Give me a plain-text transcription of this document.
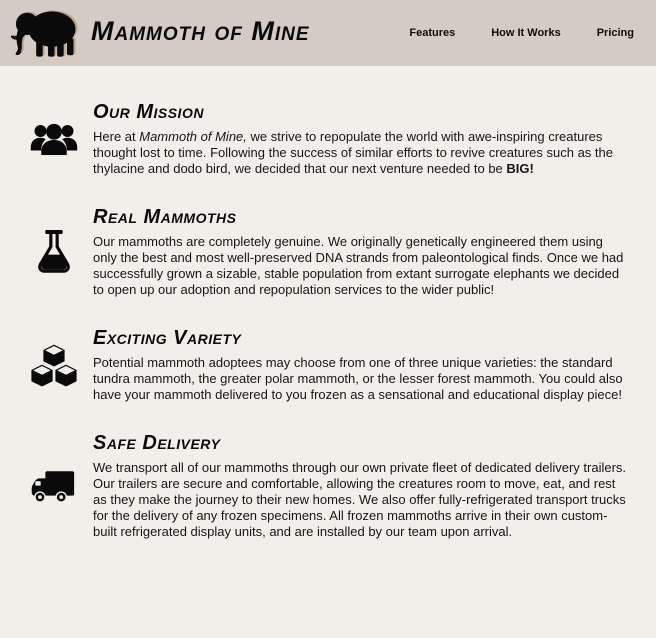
Mammoth of Mine	Features	How It Works	Pricing
Our Mission

Here at Mammoth of Mine, we strive to repopulate the world with awe-inspiring creatures thought lost to time. Following the success of similar efforts to revive creatures such as the thylacine and dodo bird, we decided that our next venture needed to be BIG!

Real Mammoths

Our mammoths are completely genuine. We originally genetically engineered them using only the best and most well-preserved DNA strands from paleontological finds. Once we had successfully grown a sizable, stable population from extant surrogate elephants we decided to open up our adoption and repopulation services to the wider public!

Exciting Variety

Potential mammoth adoptees may choose from one of three unique varieties: the standard tundra mammoth, the greater polar mammoth, or the lesser forest mammoth. You could also have your mammoth delivered to you frozen as a sensational and educational display piece!

Safe Delivery

We transport all of our mammoths through our own private fleet of dedicated delivery trailers. Our trailers are secure and comfortable, allowing the creatures room to move, eat, and rest as they make the journey to their new homes. We also offer fully-refrigerated transport trucks for the delivery of any frozen specimens. All frozen mammoths arrive in their own custom-built refrigerated display units, and are installed by our team upon arrival.
